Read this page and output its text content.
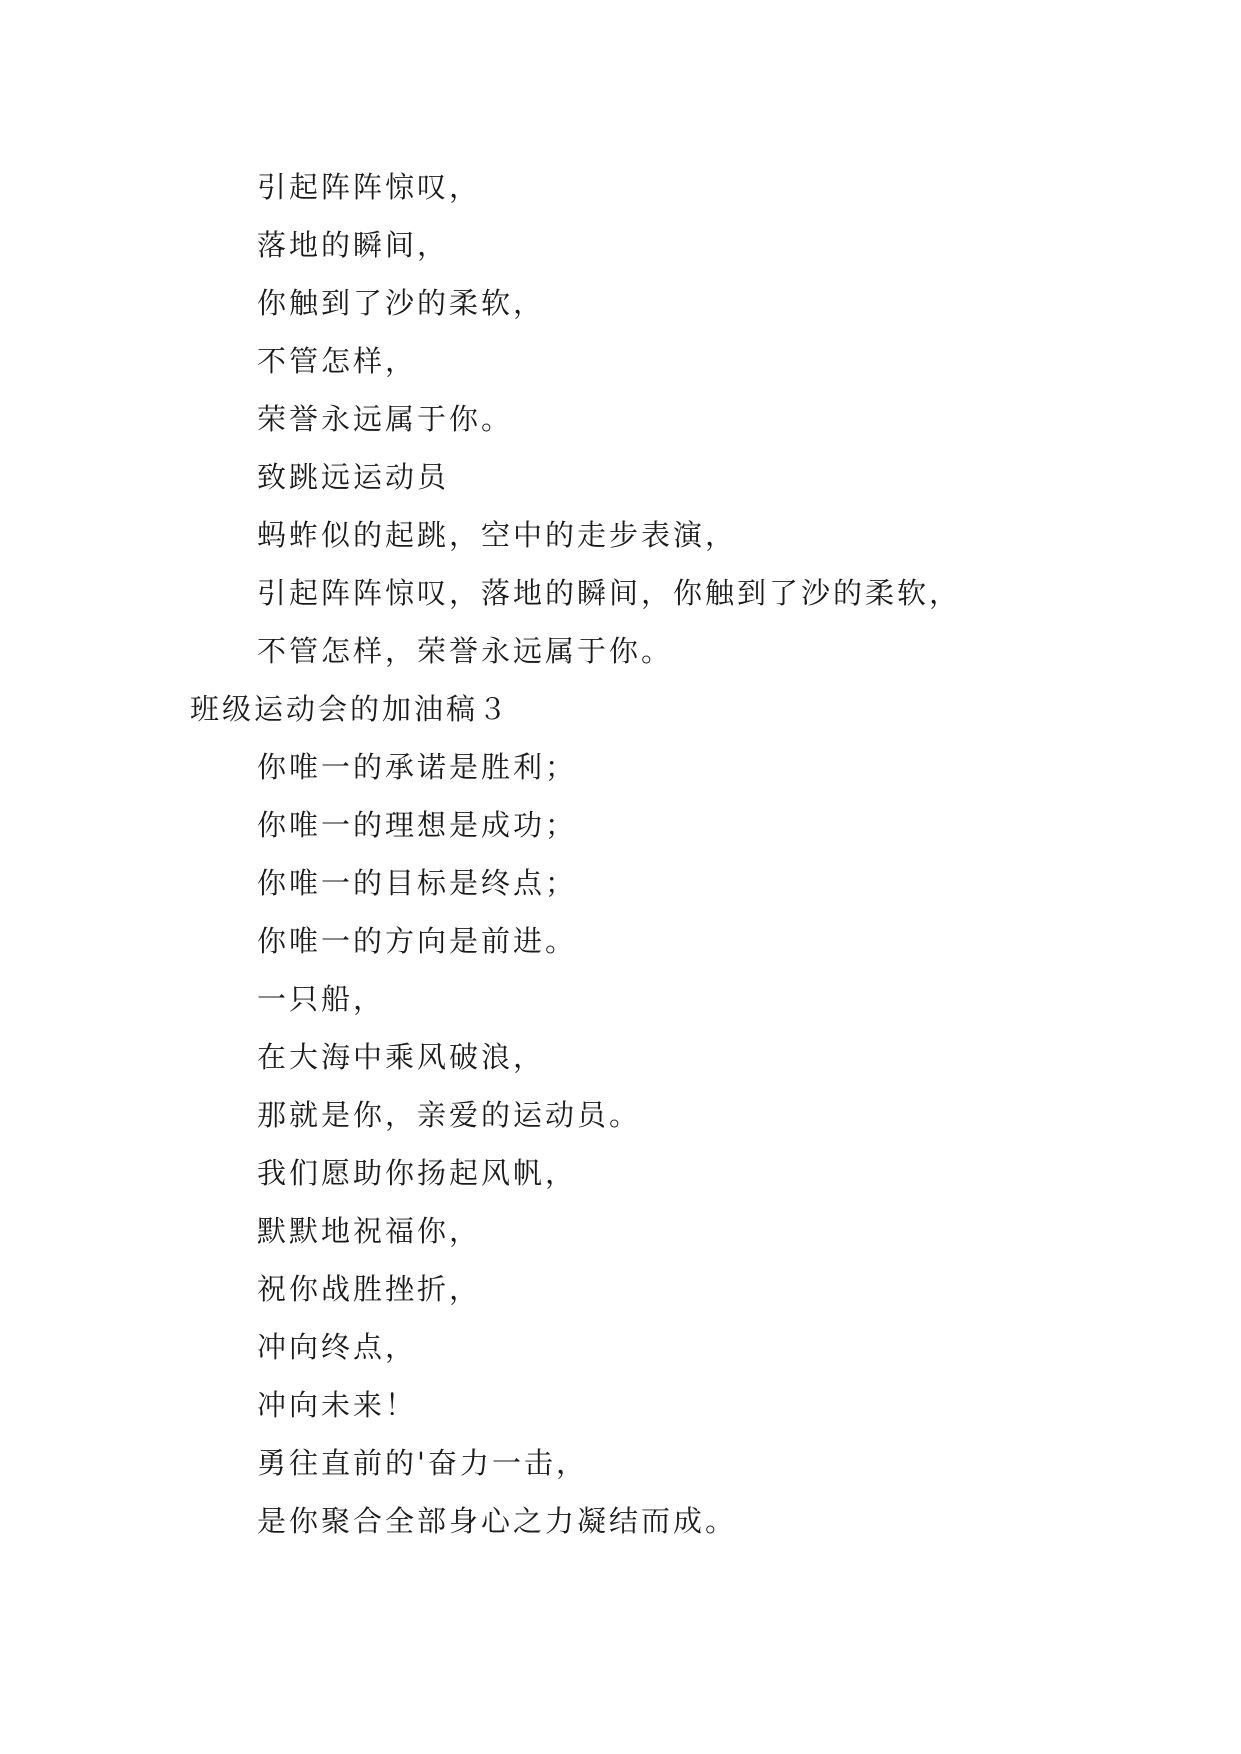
引起阵阵惊叹，
落地的瞬间，
你触到了沙的柔软，
不管怎样，
荣誉永远属于你。
致跳远运动员
蚂蚱似的起跳，空中的走步表演，
引起阵阵惊叹，落地的瞬间，你触到了沙的柔软，
不管怎样，荣誉永远属于你。
班级运动会的加油稿３
你唯一的承诺是胜利；
你唯一的理想是成功；
你唯一的目标是终点；
你唯一的方向是前进。
一只船，
在大海中乘风破浪，
那就是你，亲爱的运动员。
我们愿助你扬起风帆，
默默地祝福你，
祝你战胜挫折，
冲向终点，
冲向未来！
勇往直前的'奋力一击，
是你聚合全部身心之力凝结而成。
